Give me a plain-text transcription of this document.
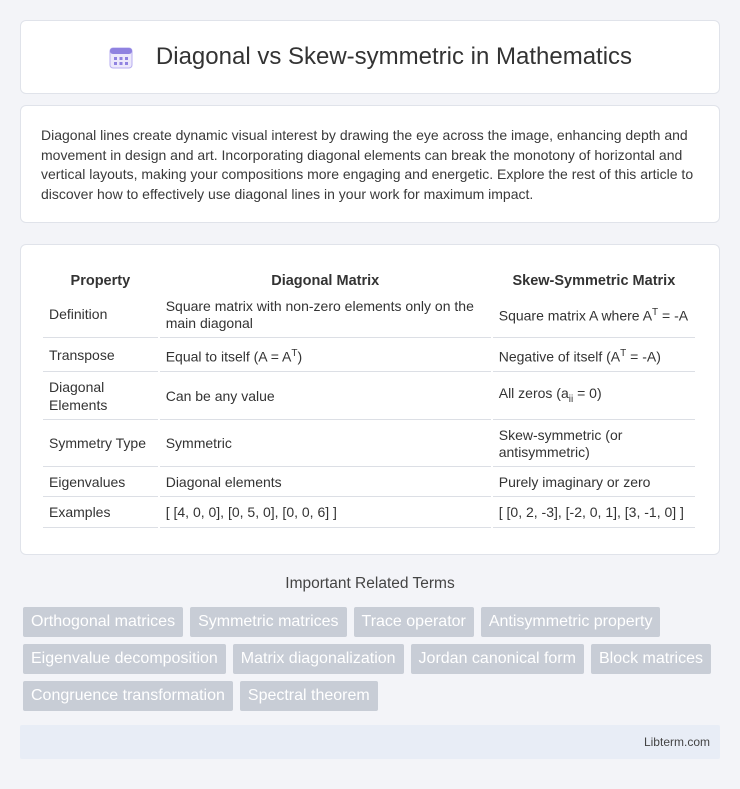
Diagonal vs Skew-symmetric in Mathematics

Diagonal lines create dynamic visual interest by drawing the eye across the image, enhancing depth and movement in design and art. Incorporating diagonal elements can break the monotony of horizontal and vertical layouts, making your compositions more engaging and energetic. Explore the rest of this article to discover how to effectively use diagonal lines in your work for maximum impact.

Property	Diagonal Matrix	Skew-Symmetric Matrix
Definition	Square matrix with non-zero elements only on the main diagonal	Square matrix A where $A^T = -A$
Transpose	Equal to itself $(A = A^T)$	Negative of itself $(A^T = -A)$
Diagonal Elements	Can be any value	All zeros $(a_{ii} = 0)$
Symmetry Type	Symmetric	Skew-symmetric (or antisymmetric)
Eigenvalues	Diagonal elements	Purely imaginary or zero
Examples	[ [4, 0, 0], [0, 5, 0], [0, 0, 6] ]	[ [0, 2, -3], [-2, 0, 1], [3, -1, 0] ]
Important Related Terms
Orthogonal matrices	Symmetric matrices	Trace operator	Antisymmetric property
Eigenvalue decomposition	Matrix diagonalization	Jordan canonical form	Block matrices
Congruence transformation	Spectral theorem
Libterm.com
